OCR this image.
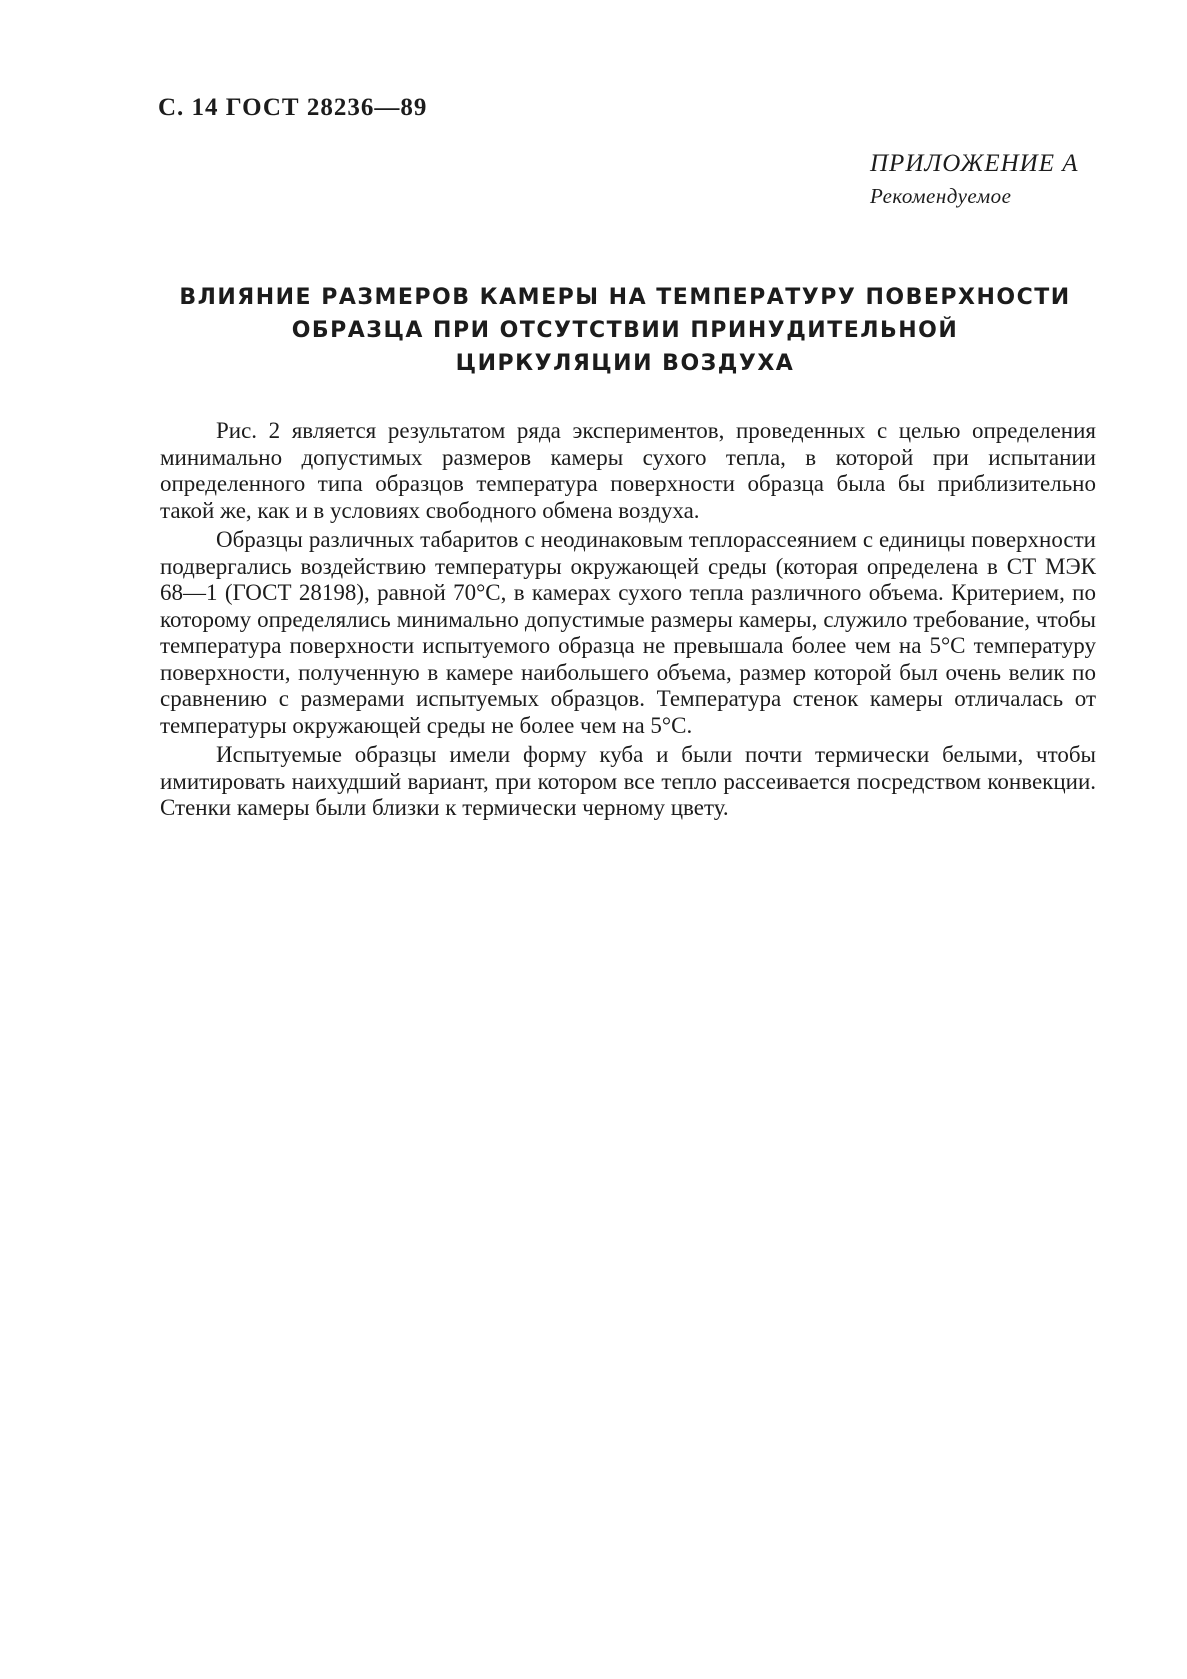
С. 14 ГОСТ 28236—89
ПРИЛОЖЕНИЕ А
Рекомендуемое
ВЛИЯНИЕ РАЗМЕРОВ КАМЕРЫ НА ТЕМПЕРАТУРУ ПОВЕРХНОСТИ
ОБРАЗЦА ПРИ ОТСУТСТВИИ ПРИНУДИТЕЛЬНОЙ
ЦИРКУЛЯЦИИ ВОЗДУХА

Рис. 2 является результатом ряда экспериментов, проведенных с целью определения минимально допустимых размеров камеры сухого тепла, в которой при испытании определенного типа образцов температура поверхности образца была бы приблизительно такой же, как и в условиях свободного обмена воздуха.

Образцы различных табаритов с неодинаковым теплорассеянием с единицы поверхности подвергались воздействию температуры окружающей среды (которая определена в СТ МЭК 68—1 (ГОСТ 28198), равной 70°С, в камерах сухого тепла различного объема. Критерием, по которому определялись минимально допустимые размеры камеры, служило требование, чтобы температура поверхности испытуемого образца не превышала более чем на 5°С температуру поверхности, полученную в камере наибольшего объема, размер которой был очень велик по сравнению с размерами испытуемых образцов. Температура стенок камеры отличалась от температуры окружающей среды не более чем на 5°С.

Испытуемые образцы имели форму куба и были почти термически белыми, чтобы имитировать наихудший вариант, при котором все тепло рассеивается посредством конвекции. Стенки камеры были близки к термически черному цвету.
